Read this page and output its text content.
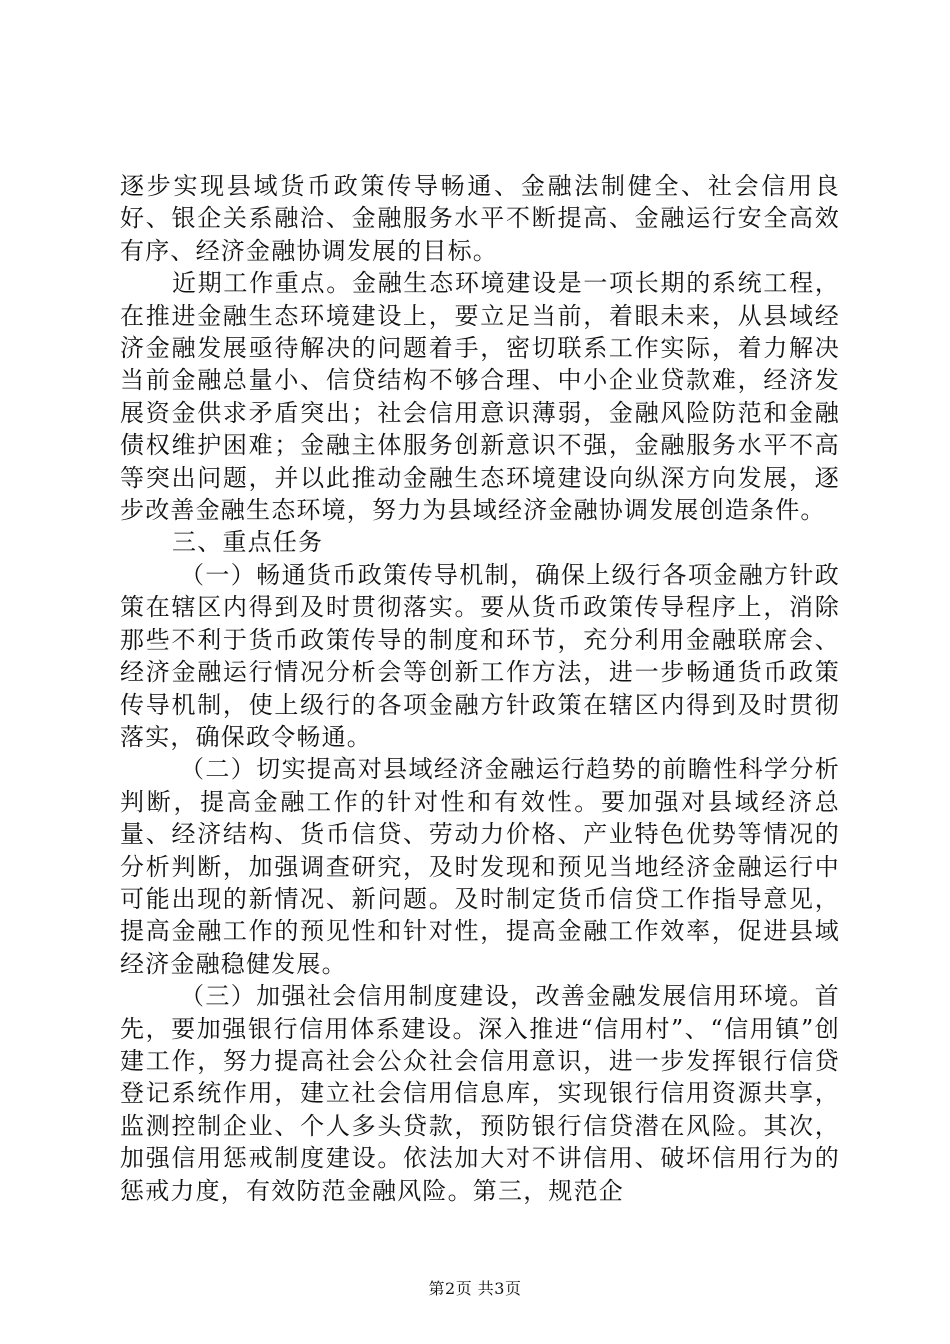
逐步实现县域货币政策传导畅通、金融法制健全、社会信用良好、银企关系融洽、金融服务水平不断提高、金融运行安全高效有序、经济金融协调发展的目标。

近期工作重点。金融生态环境建设是一项长期的系统工程，在推进金融生态环境建设上，要立足当前，着眼未来，从县域经济金融发展亟待解决的问题着手，密切联系工作实际，着力解决当前金融总量小、信贷结构不够合理、中小企业贷款难，经济发展资金供求矛盾突出；社会信用意识薄弱，金融风险防范和金融债权维护困难；金融主体服务创新意识不强，金融服务水平不高等突出问题，并以此推动金融生态环境建设向纵深方向发展，逐步改善金融生态环境，努力为县域经济金融协调发展创造条件。

三、重点任务

（一）畅通货币政策传导机制，确保上级行各项金融方针政策在辖区内得到及时贯彻落实。要从货币政策传导程序上，消除那些不利于货币政策传导的制度和环节，充分利用金融联席会、经济金融运行情况分析会等创新工作方法，进一步畅通货币政策传导机制，使上级行的各项金融方针政策在辖区内得到及时贯彻落实，确保政令畅通。

（二）切实提高对县域经济金融运行趋势的前瞻性科学分析判断，提高金融工作的针对性和有效性。要加强对县域经济总量、经济结构、货币信贷、劳动力价格、产业特色优势等情况的分析判断，加强调查研究，及时发现和预见当地经济金融运行中可能出现的新情况、新问题。及时制定货币信贷工作指导意见，提高金融工作的预见性和针对性，提高金融工作效率，促进县域经济金融稳健发展。

（三）加强社会信用制度建设，改善金融发展信用环境。首先，要加强银行信用体系建设。深入推进“信用村”、“信用镇”创建工作，努力提高社会公众社会信用意识，进一步发挥银行信贷登记系统作用，建立社会信用信息库，实现银行信用资源共享，监测控制企业、个人多头贷款，预防银行信贷潜在风险。其次，加强信用惩戒制度建设。依法加大对不讲信用、破坏信用行为的惩戒力度，有效防范金融风险。第三，规范企

第2页 共3页
